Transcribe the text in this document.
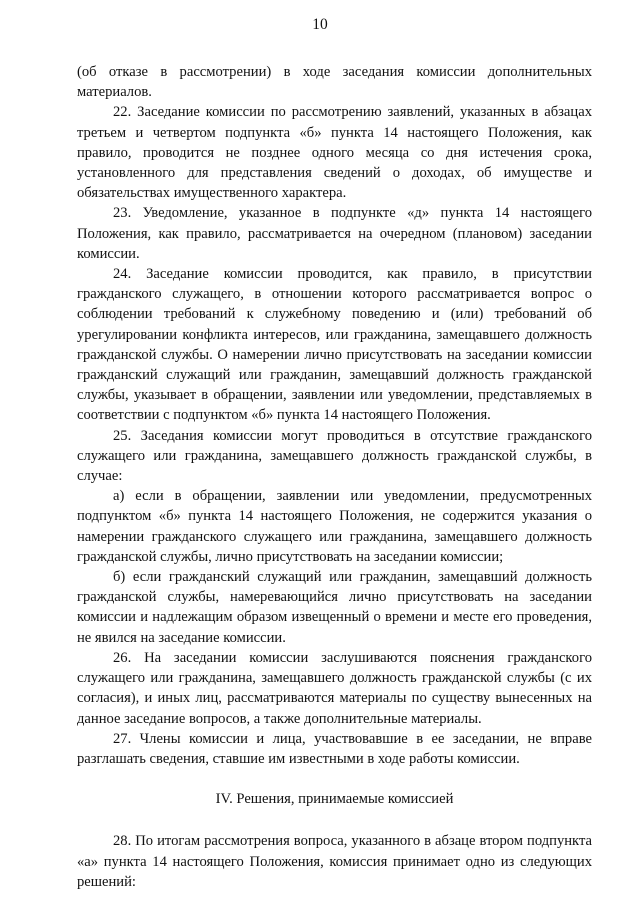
10

(об отказе в рассмотрении) в ходе заседания комиссии дополнительных материалов.

22. Заседание комиссии по рассмотрению заявлений, указанных в абзацах третьем и четвертом подпункта «б» пункта 14 настоящего Положения, как правило, проводится не позднее одного месяца со дня истечения срока, установленного для представления сведений о доходах, об имуществе и обязательствах имущественного характера.

23. Уведомление, указанное в подпункте «д» пункта 14 настоящего Положения, как правило, рассматривается на очередном (плановом) заседании комиссии.

24. Заседание комиссии проводится, как правило, в присутствии гражданского служащего, в отношении которого рассматривается вопрос о соблюдении требований к служебному поведению и (или) требований об урегулировании конфликта интересов, или гражданина, замещавшего должность гражданской службы. О намерении лично присутствовать на заседании комиссии гражданский служащий или гражданин, замещавший должность гражданской службы, указывает в обращении, заявлении или уведомлении, представляемых в соответствии с подпунктом «б» пункта 14 настоящего Положения.

25. Заседания комиссии могут проводиться в отсутствие гражданского служащего или гражданина, замещавшего должность гражданской службы, в случае:

а) если в обращении, заявлении или уведомлении, предусмотренных подпунктом «б» пункта 14 настоящего Положения, не содержится указания о намерении гражданского служащего или гражданина, замещавшего должность гражданской службы, лично присутствовать на заседании комиссии;

б) если гражданский служащий или гражданин, замещавший должность гражданской службы, намеревающийся лично присутствовать на заседании комиссии и надлежащим образом извещенный о времени и месте его проведения, не явился на заседание комиссии.

26. На заседании комиссии заслушиваются пояснения гражданского служащего или гражданина, замещавшего должность гражданской службы (с их согласия), и иных лиц, рассматриваются материалы по существу вынесенных на данное заседание вопросов, а также дополнительные материалы.

27. Члены комиссии и лица, участвовавшие в ее заседании, не вправе разглашать сведения, ставшие им известными в ходе работы комиссии.

IV. Решения, принимаемые комиссией

28. По итогам рассмотрения вопроса, указанного в абзаце втором подпункта «а» пункта 14 настоящего Положения, комиссия принимает одно из следующих решений:
